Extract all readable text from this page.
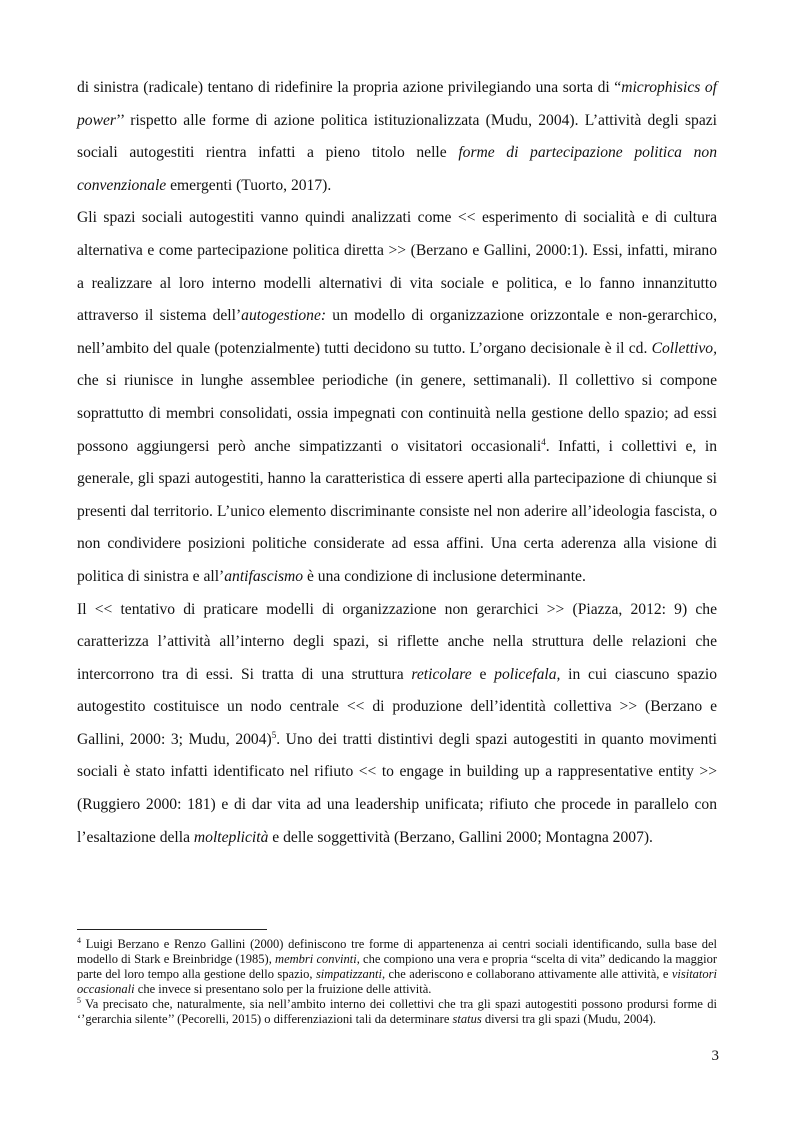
di sinistra (radicale) tentano di ridefinire la propria azione privilegiando una sorta di “microphisics of power’’ rispetto alle forme di azione politica istituzionalizzata (Mudu, 2004). L’attività degli spazi sociali autogestiti rientra infatti a pieno titolo nelle forme di partecipazione politica non convenzionale emergenti (Tuorto, 2017).

Gli spazi sociali autogestiti vanno quindi analizzati come << esperimento di socialità e di cultura alternativa e come partecipazione politica diretta >> (Berzano e Gallini, 2000:1). Essi, infatti, mirano a realizzare al loro interno modelli alternativi di vita sociale e politica, e lo fanno innanzitutto attraverso il sistema dell’autogestione: un modello di organizzazione orizzontale e non-gerarchico, nell’ambito del quale (potenzialmente) tutti decidono su tutto. L’organo decisionale è il cd. Collettivo, che si riunisce in lunghe assemblee periodiche (in genere, settimanali). Il collettivo si compone soprattutto di membri consolidati, ossia impegnati con continuità nella gestione dello spazio; ad essi possono aggiungersi però anche simpatizzanti o visitatori occasionali$^4$. Infatti, i collettivi e, in generale, gli spazi autogestiti, hanno la caratteristica di essere aperti alla partecipazione di chiunque si presenti dal territorio. L’unico elemento discriminante consiste nel non aderire all’ideologia fascista, o non condividere posizioni politiche considerate ad essa affini. Una certa aderenza alla visione di politica di sinistra e all’antifascismo è una condizione di inclusione determinante.

Il << tentativo di praticare modelli di organizzazione non gerarchici >> (Piazza, 2012: 9) che caratterizza l’attività all’interno degli spazi, si riflette anche nella struttura delle relazioni che intercorrono tra di essi. Si tratta di una struttura reticolare e policefala, in cui ciascuno spazio autogestito costituisce un nodo centrale << di produzione dell’identità collettiva >> (Berzano e Gallini, 2000: 3; Mudu, 2004)$^5$. Uno dei tratti distintivi degli spazi autogestiti in quanto movimenti sociali è stato infatti identificato nel rifiuto << to engage in building up a rappresentative entity >> (Ruggiero 2000: 181) e di dar vita ad una leadership unificata; rifiuto che procede in parallelo con l’esaltazione della molteplicità e delle soggettività (Berzano, Gallini 2000; Montagna 2007).

$^4$ Luigi Berzano e Renzo Gallini (2000) definiscono tre forme di appartenenza ai centri sociali identificando, sulla base del modello di Stark e Breinbridge (1985), membri convinti, che compiono una vera e propria “scelta di vita” dedicando la maggior parte del loro tempo alla gestione dello spazio, simpatizzanti, che aderiscono e collaborano attivamente alle attività, e visitatori occasionali che invece si presentano solo per la fruizione delle attività.

$^5$ Va precisato che, naturalmente, sia nell’ambito interno dei collettivi che tra gli spazi autogestiti possono prodursi forme di ‘’gerarchia silente’’ (Pecorelli, 2015) o differenziazioni tali da determinare status diversi tra gli spazi (Mudu, 2004).

3
